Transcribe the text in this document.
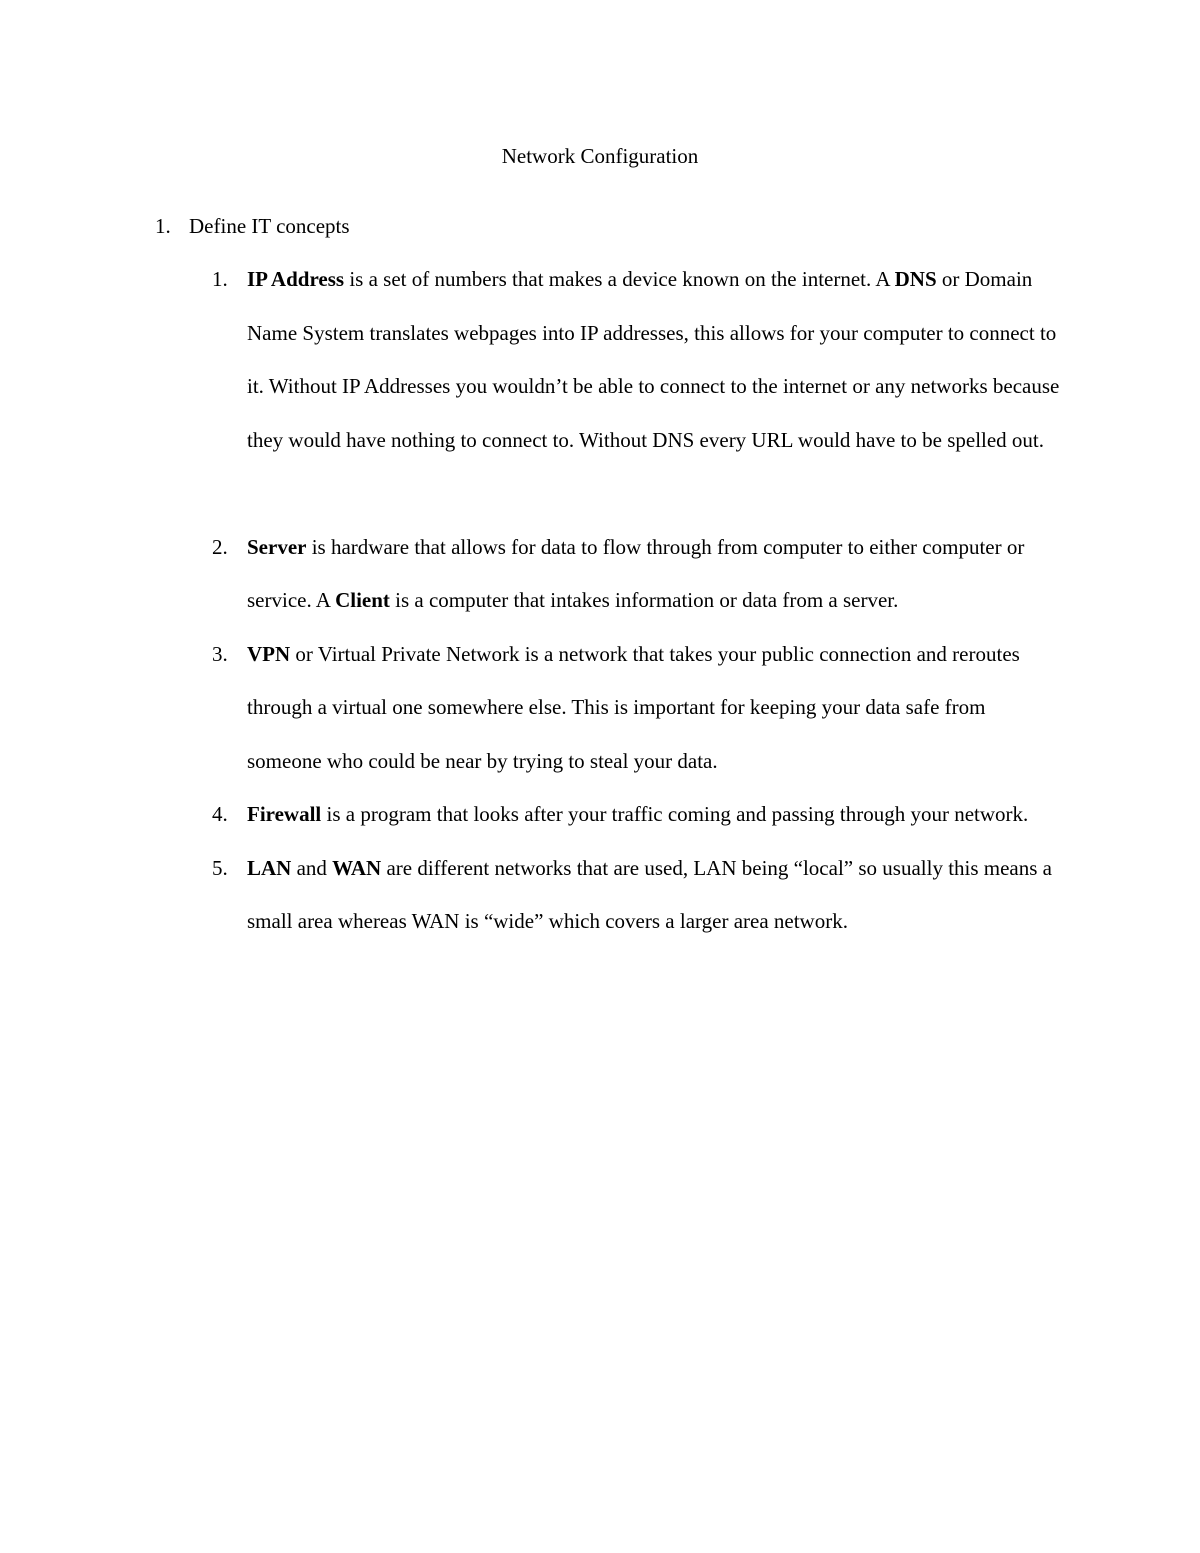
Network Configuration
1. Define IT concepts
1. IP Address is a set of numbers that makes a device known on the internet. A DNS or Domain Name System translates webpages into IP addresses, this allows for your computer to connect to it. Without IP Addresses you wouldn’t be able to connect to the internet or any networks because they would have nothing to connect to. Without DNS every URL would have to be spelled out.
2. Server is hardware that allows for data to flow through from computer to either computer or service. A Client is a computer that intakes information or data from a server.
3. VPN or Virtual Private Network is a network that takes your public connection and reroutes through a virtual one somewhere else. This is important for keeping your data safe from someone who could be near by trying to steal your data.
4. Firewall is a program that looks after your traffic coming and passing through your network.
5. LAN and WAN are different networks that are used, LAN being “local” so usually this means a small area whereas WAN is “wide” which covers a larger area network.
